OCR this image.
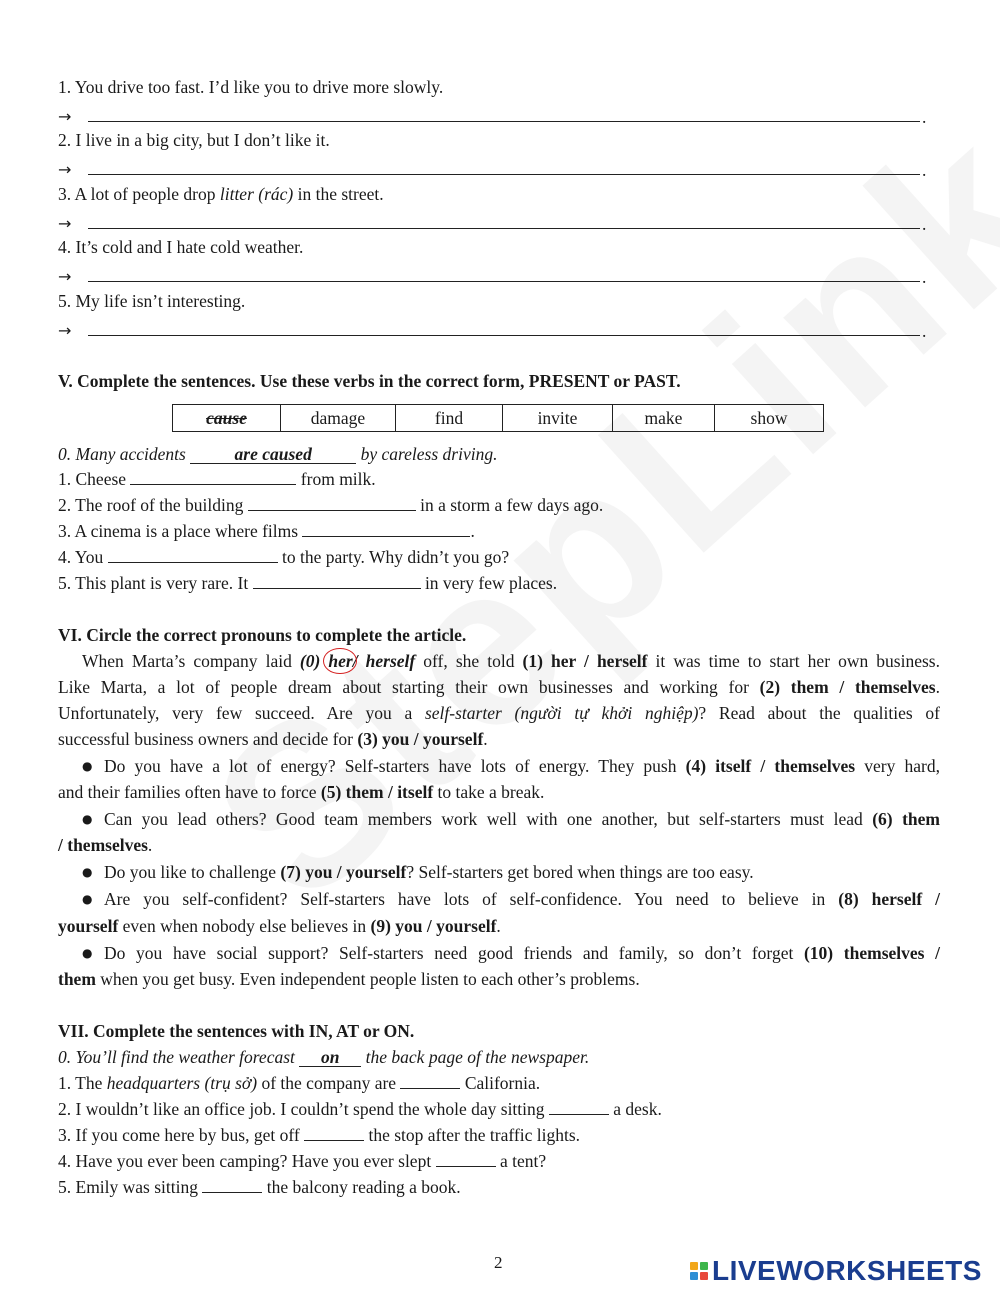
1. You drive too fast. I’d like you to drive more slowly.
→	.
2. I live in a big city, but I don’t like it.
→	.
3. A lot of people drop litter (rác) in the street.
→	.
4. It’s cold and I hate cold weather.
→	.
5. My life isn’t interesting.
→	.
V. Complete the sentences. Use these verbs in the correct form, PRESENT or PAST.
cause	damage	find	invite	make	show
0. Many accidents	are caused	by careless driving.
1. Cheese	from milk.
2. The roof of the building	in a storm a few days ago.
3. A cinema is a place where films	.
4. You	to the party. Why didn’t you go?
5. This plant is very rare. It	in very few places.
VI. Circle the correct pronouns to complete the article.
When Marta’s company laid (0) her/ herself off, she told (1) her / herself it was time to start her own business.
Like Marta, a lot of people dream about starting their own businesses and working for (2) them / themselves.
Unfortunately, very few succeed. Are you a self-starter (người tự khởi nghiệp)? Read about the qualities of
successful business owners and decide for (3) you / yourself.
● Do you have a lot of energy? Self-starters have lots of energy. They push (4) itself / themselves very hard,
and their families often have to force (5) them / itself to take a break.
● Can you lead others? Good team members work well with one another, but self-starters must lead (6) them
/ themselves.
● Do you like to challenge (7) you / yourself? Self-starters get bored when things are too easy.
● Are you self-confident? Self-starters have lots of self-confidence. You need to believe in (8) herself /
yourself even when nobody else believes in (9) you / yourself.
● Do you have social support? Self-starters need good friends and family, so don’t forget (10) themselves /
them when you get busy. Even independent people listen to each other’s problems.
VII. Complete the sentences with IN, AT or ON.
0. You’ll find the weather forecast on the back page of the newspaper.
1. The headquarters (trụ sở) of the company are	California.
2. I wouldn’t like an office job. I couldn’t spend the whole day sitting	a desk.
3. If you come here by bus, get off	the stop after the traffic lights.
4. Have you ever been camping? Have you ever slept	a tent?
5. Emily was sitting	the balcony reading a book.
2	LIVEWORKSHEETS
